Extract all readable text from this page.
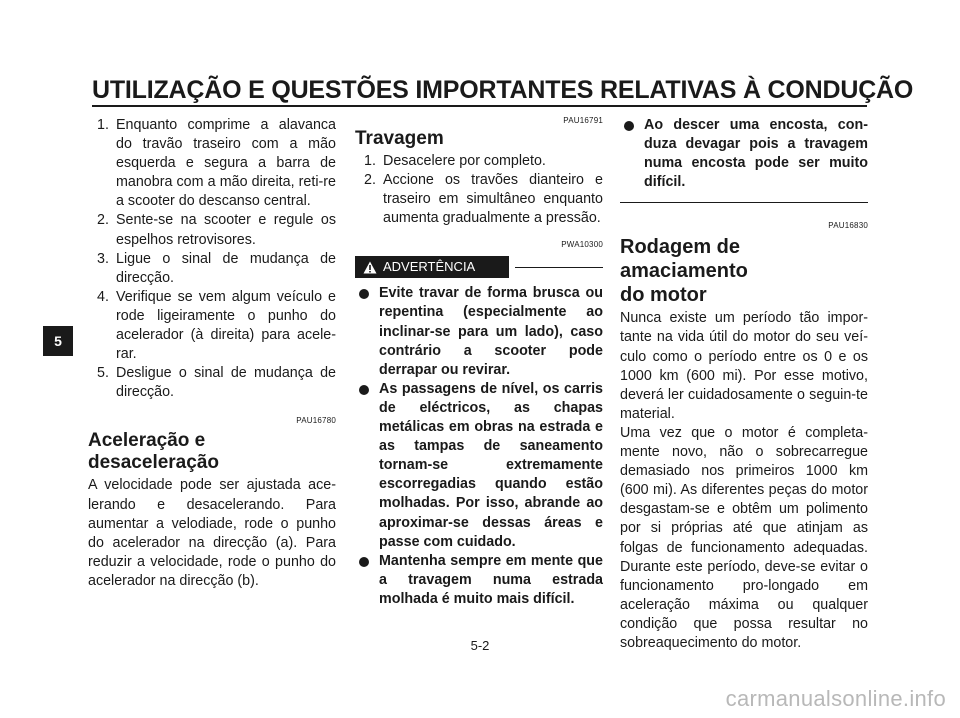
UTILIZAÇÃO E QUESTÕES IMPORTANTES RELATIVAS À CONDUÇÃO
5
1. Enquanto comprime a alavanca do travão traseiro com a mão esquerda e segura a barra de manobra com a mão direita, reti-re a scooter do descanso central.
2. Sente-se na scooter e regule os espelhos retrovisores.
3. Ligue o sinal de mudança de direcção.
4. Verifique se vem algum veículo e rode ligeiramente o punho do acelerador (à direita) para acele-rar.
5. Desligue o sinal de mudança de direcção.
PAU16780
Aceleração e desaceleração

A velocidade pode ser ajustada ace-lerando e desacelerando. Para aumentar a velodiade, rode o punho do acelerador na direcção (a). Para reduzir a velocidade, rode o punho do acelerador na direcção (b).

PAU16791
Travagem
1. Desacelere por completo.
2. Accione os travões dianteiro e traseiro em simultâneo enquanto aumenta gradualmente a pressão.
PWA10300
ADVERTÊNCIA
Evite travar de forma brusca ou repentina (especialmente ao inclinar-se para um lado), caso contrário a scooter pode derrapar ou revirar.
As passagens de nível, os carris de eléctricos, as chapas metálicas em obras na estrada e as tampas de saneamento tornam-se extremamente escorregadias quando estão molhadas. Por isso, abrande ao aproximar-se dessas áreas e passe com cuidado.
Mantenha sempre em mente que a travagem numa estrada molhada é muito mais difícil.
Ao descer uma encosta, con-duza devagar pois a travagem numa encosta pode ser muito difícil.
PAU16830
Rodagem de amaciamento
do motor

Nunca existe um período tão impor-tante na vida útil do motor do seu veí-culo como o período entre os 0 e os 1000 km (600 mi). Por esse motivo, deverá ler cuidadosamente o seguin-te material.

Uma vez que o motor é completa-mente novo, não o sobrecarregue demasiado nos primeiros 1000 km (600 mi). As diferentes peças do motor desgastam-se e obtêm um polimento por si próprias até que atinjam as folgas de funcionamento adequadas. Durante este período, deve-se evitar o funcionamento pro-longado em aceleração máxima ou qualquer condição que possa resultar no sobreaquecimento do motor.

5-2
carmanualsonline.info
